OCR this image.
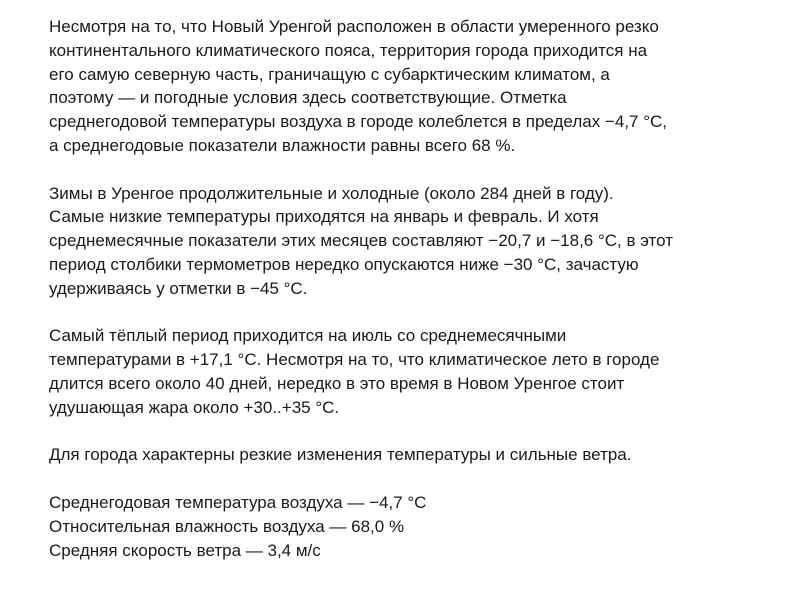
Несмотря на то, что Новый Уренгой расположен в области умеренного резко
континентального климатического пояса, территория города приходится на
его самую северную часть, граничащую с субарктическим климатом, а
поэтому — и погодные условия здесь соответствующие. Отметка
среднегодовой температуры воздуха в городе колеблется в пределах −4,7 °С,
а среднегодовые показатели влажности равны всего 68 %.

Зимы в Уренгое продолжительные и холодные (около 284 дней в году).
Самые низкие температуры приходятся на январь и февраль. И хотя
среднемесячные показатели этих месяцев составляют −20,7 и −18,6 °С, в этот
период столбики термометров нередко опускаются ниже −30 °С, зачастую
удерживаясь у отметки в −45 °С.

Самый тёплый период приходится на июль со среднемесячными
температурами в +17,1 °С. Несмотря на то, что климатическое лето в городе
длится всего около 40 дней, нередко в это время в Новом Уренгое стоит
удушающая жара около +30..+35 °С.

Для города характерны резкие изменения температуры и сильные ветра.

Среднегодовая температура воздуха — −4,7 °C
Относительная влажность воздуха — 68,0 %
Средняя скорость ветра — 3,4 м/с
